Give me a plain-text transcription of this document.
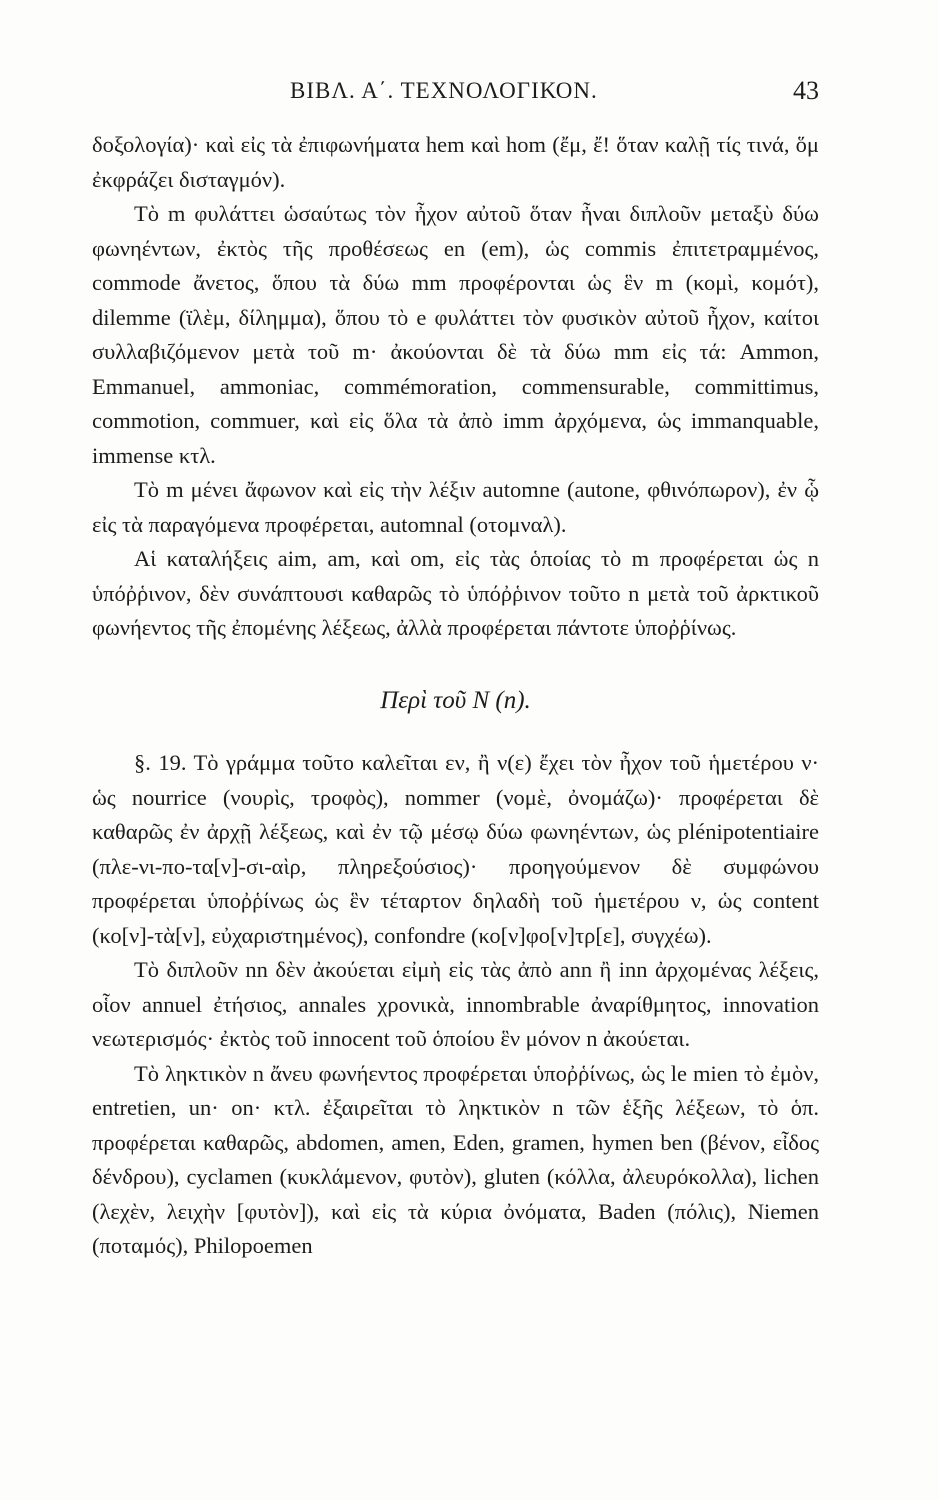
ΒΙΒΛ. Α΄. ΤΕΧΝΟΛΟΓΙΚΟΝ.	43

δοξολογία)· καὶ εἰς τὰ ἐπιφωνήματα hem καὶ hom (ἔμ, ἔ! ὅταν καλῇ τίς τινά, ὅμ ἐκφράζει δισταγμόν).

Τὸ m φυλάττει ὡσαύτως τὸν ἦχον αὐτοῦ ὅταν ἦναι διπλοῦν μεταξὺ δύω φωνηέντων, ἐκτὸς τῆς προθέσεως en (em), ὡς commis ἐπιτετραμμένος, commode ἄνετος, ὅπου τὰ δύω mm προφέρονται ὡς ἓν m (κομὶ, κομότ), dilemme (ϊλὲμ, δίλημμα), ὅπου τὸ e φυλάττει τὸν φυσικὸν αὐτοῦ ἦχον, καίτοι συλλαβιζόμενον μετὰ τοῦ m· ἀκούονται δὲ τὰ δύω mm εἰς τά: Ammon, Emmanuel, ammoniac, commémoration, commensurable, committimus, commotion, commuer, καὶ εἰς ὅλα τὰ ἀπὸ imm ἀρχόμενα, ὡς immanquable, immense κτλ.

Τὸ m μένει ἄφωνον καὶ εἰς τὴν λέξιν automne (autone, φθινόπωρον), ἐν ᾧ εἰς τὰ παραγόμενα προφέρεται, automnal (οτομναλ).

Αἱ καταλήξεις aim, am, καὶ om, εἰς τὰς ὁποίας τὸ m προφέρεται ὡς n ὑπόῤῥινον, δὲν συνάπτουσι καθαρῶς τὸ ὑπόῤῥινον τοῦτο n μετὰ τοῦ ἀρκτικοῦ φωνήεντος τῆς ἐπομένης λέξεως, ἀλλὰ προφέρεται πάντοτε ὑποῤῥίνως.

Περὶ τοῦ N (n).

§. 19. Τὸ γράμμα τοῦτο καλεῖται εν, ἢ ν(ε) ἔχει τὸν ἦχον τοῦ ἡμετέρου ν· ὡς nourrice (νουρὶς, τροφὸς), nommer (νομὲ, ὀνομάζω)· προφέρεται δὲ καθαρῶς ἐν ἀρχῇ λέξεως, καὶ ἐν τῷ μέσῳ δύω φωνηέντων, ὡς plénipotentiaire (πλε-νι-πο-τα[ν]-σι-αὶρ, πληρεξούσιος)· προηγούμενον δὲ συμφώνου προφέρεται ὑποῤῥίνως ὡς ἓν τέταρτον δηλαδὴ τοῦ ἡμετέρου ν, ὡς content (κο[ν]-τὰ[ν], εὐχαριστημένος), confondre (κο[ν]φο[ν]τρ[ε], συγχέω).

Τὸ διπλοῦν nn δὲν ἀκούεται εἰμὴ εἰς τὰς ἀπὸ ann ἢ inn ἀρχομένας λέξεις, οἷον annuel ἐτήσιος, annales χρονικὰ, innombrable ἀναρίθμητος, innovation νεωτερισμός· ἐκτὸς τοῦ innocent τοῦ ὁποίου ἓν μόνον n ἀκούεται.

Τὸ ληκτικὸν n ἄνευ φωνήεντος προφέρεται ὑποῤῥίνως, ὡς le mien τὸ ἐμὸν, entretien, un· on· κτλ. ἐξαιρεῖται τὸ ληκτικὸν n τῶν ἑξῆς λέξεων, τὸ ὁπ. προφέρεται καθαρῶς, abdomen, amen, Eden, gramen, hymen ben (βένον, εἶδος δένδρου), cyclamen (κυκλάμενον, φυτὸν), gluten (κόλλα, ἀλευρόκολλα), lichen (λεχὲν, λειχὴν [φυτὸν]), καὶ εἰς τὰ κύρια ὀνόματα, Baden (πόλις), Niemen (ποταμός), Philopoemen
